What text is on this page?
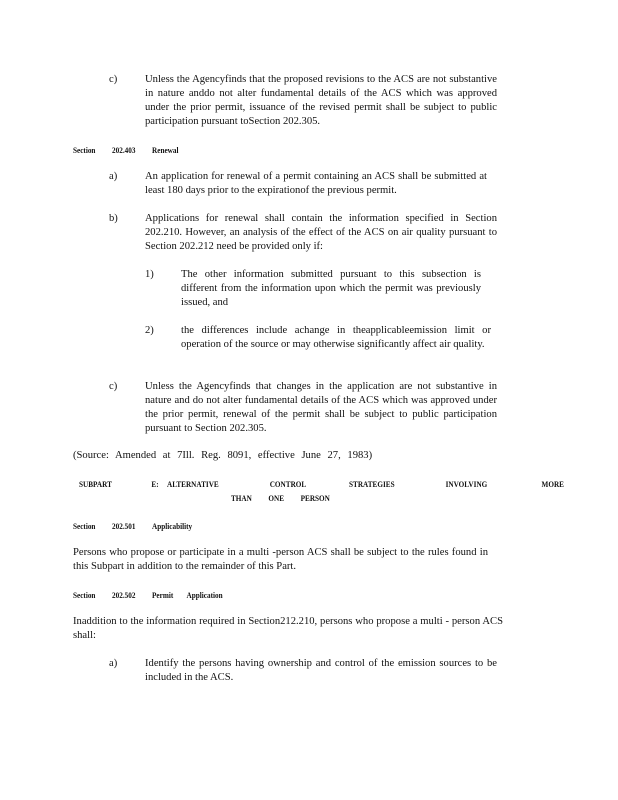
c)	Unless the Agencyfinds that the proposed revisions to the ACS are not substantive in nature anddo not alter fundamental details of the ACS which was approved under the prior permit, issuance of the revised permit shall be subject to public participation pursuant toSection 202.305.
Section 202.403 Renewal
a)	An application for renewal of a permit containing an ACS shall be submitted at least 180 days prior to the expirationof the previous permit.
b)	Applications for renewal shall contain the information specified in Section 202.210. However, an analysis of the effect of the ACS on air quality pursuant to Section 202.212 need be provided only if:
1)	The other information submitted pursuant to this subsection is different from the information upon which the permit was previously issued, and
2)	the differences include achange in theapplicableemission limit or operation of the source or may otherwise significantly affect air quality.
c)	Unless the Agencyfinds that changes in the application are not substantive in nature and do not alter fundamental details of the ACS which was approved under the prior permit, renewal of the permit shall be subject to public participation pursuant to Section 202.305.
(Source: Amended at 7Ill. Reg. 8091, effective June 27, 1983)
SUBPART	E: ALTERNATIVE	CONTROL	STRATEGIES	INVOLVING	MORE
THAN ONE PERSON
Section 202.501 Applicability
Persons who propose or participate in a multi -person ACS shall be subject to the rules found in this Subpart in addition to the remainder of this Part.
Section 202.502 Permit Application
Inaddition to the information required in Section212.210, persons who propose a multi - person ACS shall:
a)	Identify the persons having ownership and control of the emission sources to be included in the ACS.
